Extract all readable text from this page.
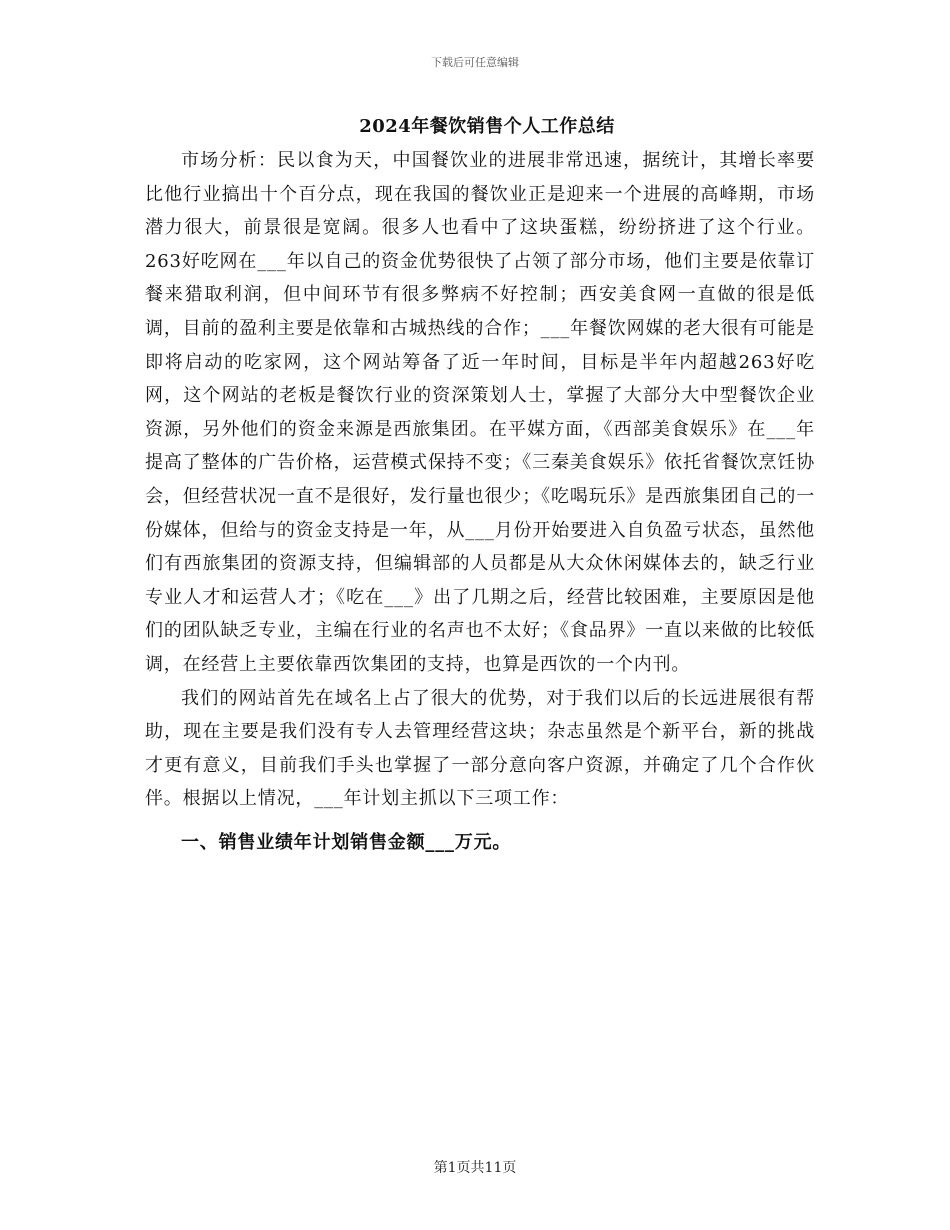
下载后可任意编辑
2024年餐饮销售个人工作总结

市场分析：民以食为天，中国餐饮业的进展非常迅速，据统计，其增长率要比他行业搞出十个百分点，现在我国的餐饮业正是迎来一个进展的高峰期，市场潜力很大，前景很是宽阔。很多人也看中了这块蛋糕，纷纷挤进了这个行业。263好吃网在___年以自己的资金优势很快了占领了部分市场，他们主要是依靠订餐来猎取利润，但中间环节有很多弊病不好控制；西安美食网一直做的很是低调，目前的盈利主要是依靠和古城热线的合作；___年餐饮网媒的老大很有可能是即将启动的吃家网，这个网站筹备了近一年时间，目标是半年内超越263好吃网，这个网站的老板是餐饮行业的资深策划人士，掌握了大部分大中型餐饮企业资源，另外他们的资金来源是西旅集团。在平媒方面，《西部美食娱乐》在___年提高了整体的广告价格，运营模式保持不变；《三秦美食娱乐》依托省餐饮烹饪协会，但经营状况一直不是很好，发行量也很少；《吃喝玩乐》是西旅集团自己的一份媒体，但给与的资金支持是一年，从___月份开始要进入自负盈亏状态，虽然他们有西旅集团的资源支持，但编辑部的人员都是从大众休闲媒体去的，缺乏行业专业人才和运营人才；《吃在___》出了几期之后，经营比较困难，主要原因是他们的团队缺乏专业，主编在行业的名声也不太好；《食品界》一直以来做的比较低调，在经营上主要依靠西饮集团的支持，也算是西饮的一个内刊。

我们的网站首先在域名上占了很大的优势，对于我们以后的长远进展很有帮助，现在主要是我们没有专人去管理经营这块；杂志虽然是个新平台，新的挑战才更有意义，目前我们手头也掌握了一部分意向客户资源，并确定了几个合作伙伴。根据以上情况，___年计划主抓以下三项工作：

一、销售业绩年计划销售金额___万元。

第1页共11页
